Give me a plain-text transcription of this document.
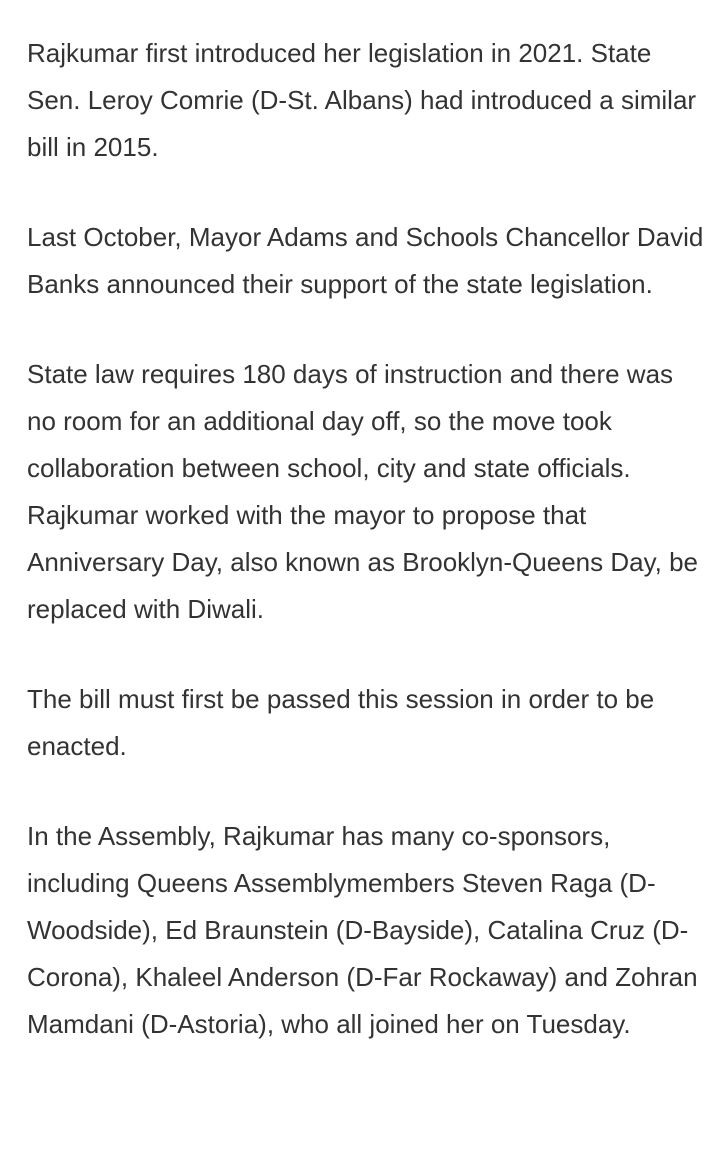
Rajkumar first introduced her legislation in 2021. State Sen. Leroy Comrie (D-St. Albans) had introduced a similar bill in 2015.

Last October, Mayor Adams and Schools Chancellor David Banks announced their support of the state legislation.

State law requires 180 days of instruction and there was no room for an additional day off, so the move took collaboration between school, city and state officials. Rajkumar worked with the mayor to propose that Anniversary Day, also known as Brooklyn-Queens Day, be replaced with Diwali.

The bill must first be passed this session in order to be enacted.

In the Assembly, Rajkumar has many co-sponsors, including Queens Assemblymembers Steven Raga (D-Woodside), Ed Braunstein (D-Bayside), Catalina Cruz (D-Corona), Khaleel Anderson (D-Far Rockaway) and Zohran Mamdani (D-Astoria), who all joined her on Tuesday.
